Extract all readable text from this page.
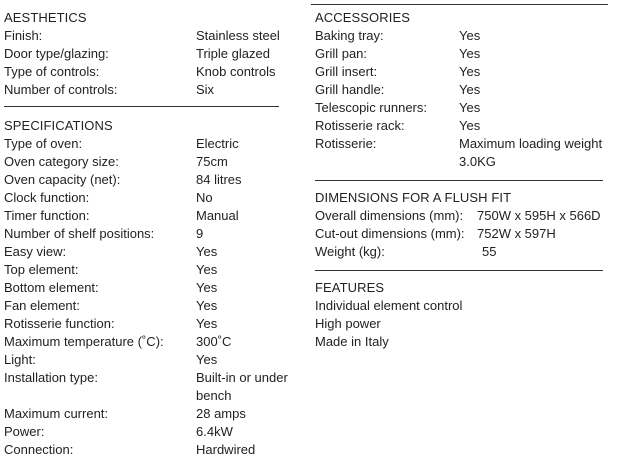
AESTHETICS
Finish:	Stainless steel
Door type/glazing:	Triple glazed
Type of controls:	Knob controls
Number of controls:	Six
SPECIFICATIONS
Type of oven:	Electric
Oven category size:	75cm
Oven capacity (net):	84 litres
Clock function:	No
Timer function:	Manual
Number of shelf positions:	9
Easy view:	Yes
Top element:	Yes
Bottom element:	Yes
Fan element:	Yes
Rotisserie function:	Yes
Maximum temperature (˚C): 300˚C
Light:	Yes
Installation type:	Built-in or under bench
Maximum current:	28 amps
Power:	6.4kW
Connection:	Hardwired
ACCESSORIES
Baking tray:	Yes
Grill pan:	Yes
Grill insert:	Yes
Grill handle:	Yes
Telescopic runners: Yes
Rotisserie rack:	Yes
Rotisserie:	Maximum loading weight 3.0KG
DIMENSIONS FOR A FLUSH FIT
Overall dimensions (mm): 750W x 595H x 566D
Cut-out dimensions (mm): 752W x 597H
Weight (kg):	55
FEATURES
Individual element control
High power
Made in Italy
